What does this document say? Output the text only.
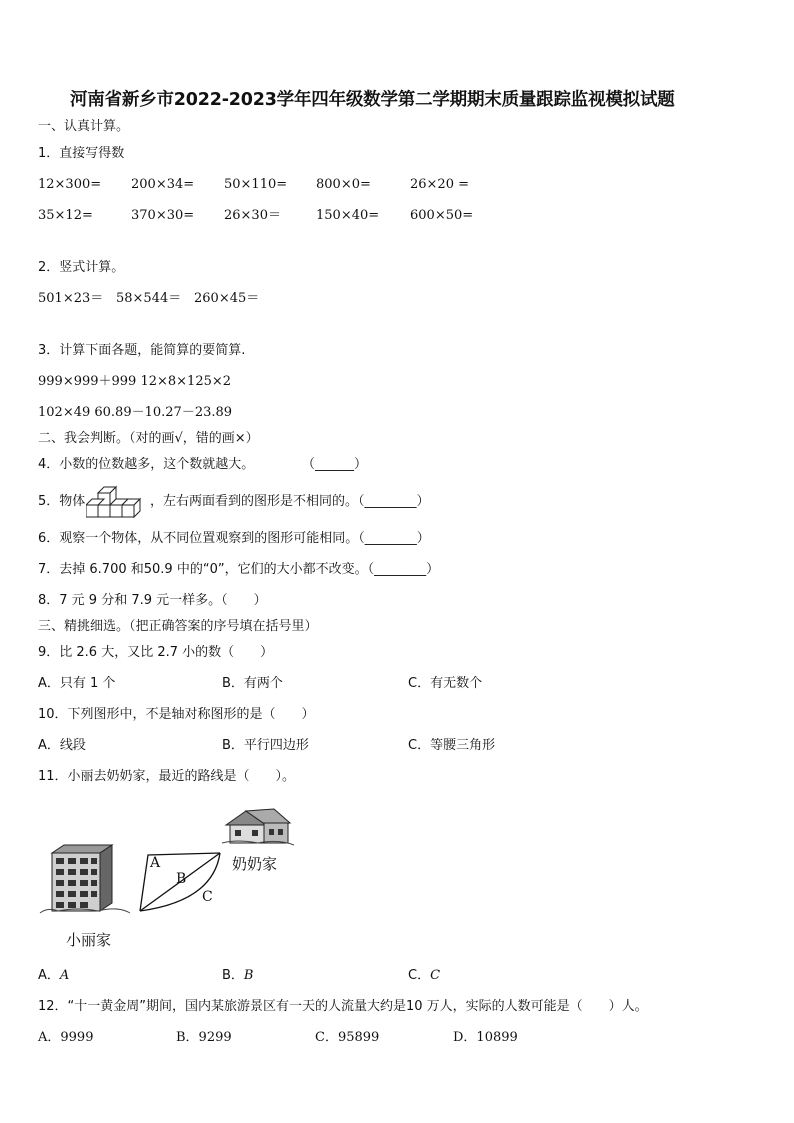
河南省新乡市2022-2023学年四年级数学第二学期期末质量跟踪监视模拟试题
一、认真计算。
1．直接写得数
12×300= 200×34= 50×110= 800×0=	26×20 =
35×12=	370×30= 26×30＝	150×40= 600×50=
2．竖式计算。
501×23＝ 58×544＝ 260×45＝
3．计算下面各题，能简算的要简算.
999×999＋999 12×8×125×2
102×49 60.89－10.27－23.89
二、我会判断。（对的画√，错的画×）
4．小数的位数越多，这个数就越大。	（______）
5．物体	，左右两面看到的图形是不相同的。（________）
6．观察一个物体，从不同位置观察到的图形可能相同。（________）
7．去掉 6.700 和50.9 中的“0”，它们的大小都不改变。（________）
8．7 元 9 分和 7.9 元一样多。（　　）
三、精挑细选。（把正确答案的序号填在括号里）
9．比 2.6 大，又比 2.7 小的数（　　）
A．只有 1 个	B．有两个	C．有无数个
10．下列图形中，不是轴对称图形的是（　　）
A．线段	B．平行四边形	C．等腰三角形
11．小丽去奶奶家，最近的路线是（　　）。
A
B
C
奶奶家
小丽家
A．A	B．B	C．C
12．“十一黄金周”期间，国内某旅游景区有一天的人流量大约是10 万人，实际的人数可能是（　　）人。
A．9999	B．9299	C．95899	D．10899
